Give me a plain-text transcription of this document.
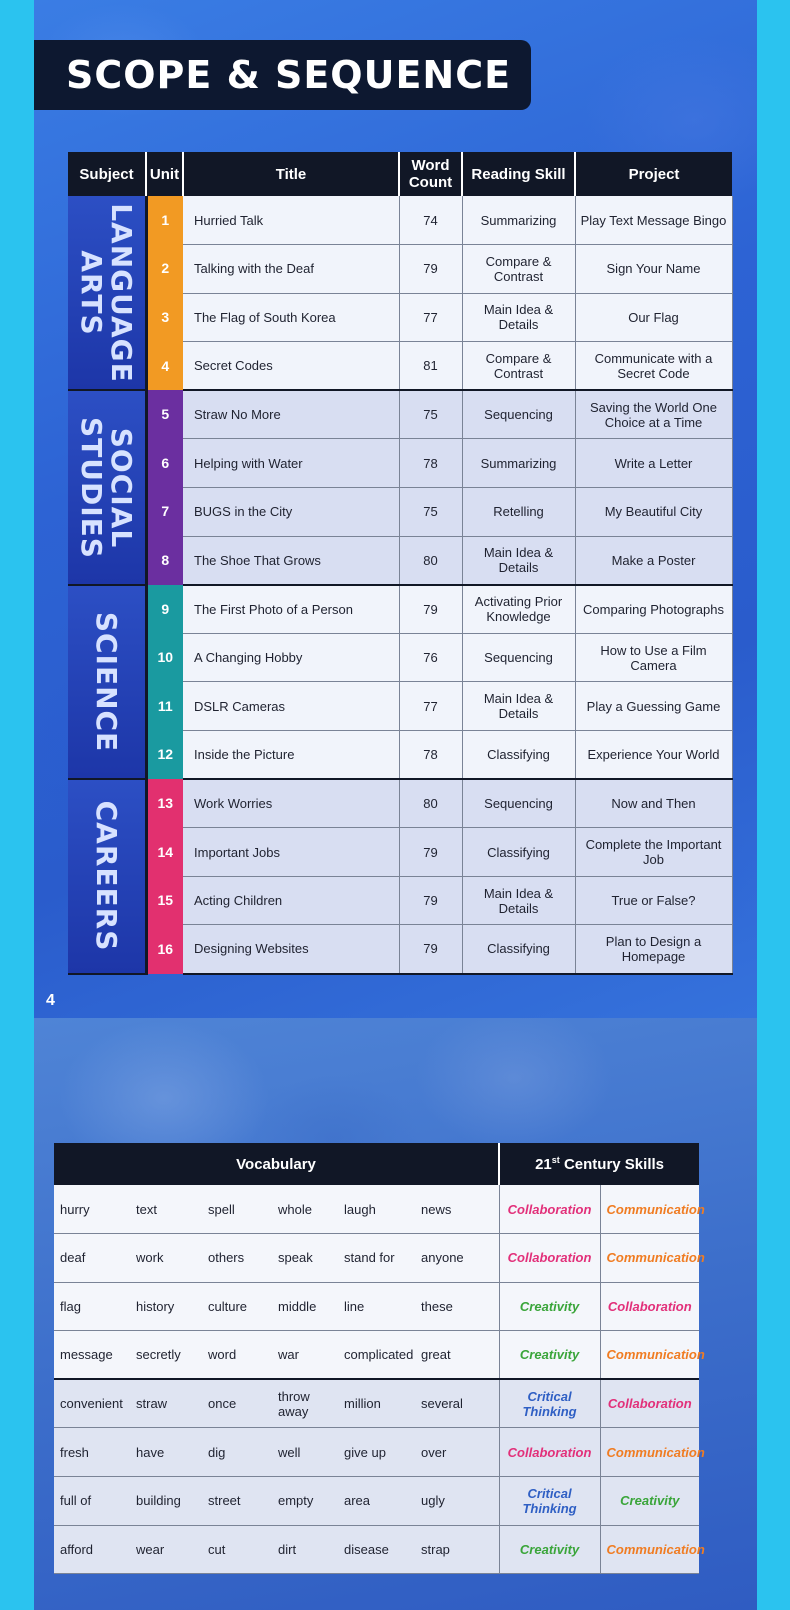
SCOPE & SEQUENCE
Subject	Unit	Title	Word
Count	Reading Skill	Project

LANGUAGE
ARTS	1	Hurried Talk	74	Summarizing	Play Text Message Bingo
	2	Talking with the Deaf	79	Compare & Contrast	Sign Your Name
	3	The Flag of South Korea	77	Main Idea & Details	Our Flag
	4	Secret Codes	81	Compare & Contrast	Communicate with a Secret Code

SOCIAL
STUDIES	5	Straw No More	75	Sequencing	Saving the World One Choice at a Time
	6	Helping with Water	78	Summarizing	Write a Letter
	7	BUGS in the City	75	Retelling	My Beautiful City
	8	The Shoe That Grows	80	Main Idea & Details	Make a Poster

SCIENCE	9	The First Photo of a Person	79	Activating Prior Knowledge	Comparing Photographs
	10	A Changing Hobby	76	Sequencing	How to Use a Film Camera
	11	DSLR Cameras	77	Main Idea & Details	Play a Guessing Game
	12	Inside the Picture	78	Classifying	Experience Your World

CAREERS	13	Work Worries	80	Sequencing	Now and Then
	14	Important Jobs	79	Classifying	Complete the Important Job
	15	Acting Children	79	Main Idea & Details	True or False?
	16	Designing Websites	79	Classifying	Plan to Design a Homepage
4
Vocabulary						21st Century Skills	
hurry	text	spell	whole	laugh	news	Collaboration	Communication
deaf	work	others	speak	stand for	anyone	Collaboration	Communication
flag	history	culture	middle	line	these	Creativity	Collaboration
message	secretly	word	war	complicated	great	Creativity	Communication
convenient	straw	once	throw away	million	several	Critical Thinking	Collaboration
fresh	have	dig	well	give up	over	Collaboration	Communication
full of	building	street	empty	area	ugly	Critical Thinking	Creativity
afford	wear	cut	dirt	disease	strap	Creativity	Communication
